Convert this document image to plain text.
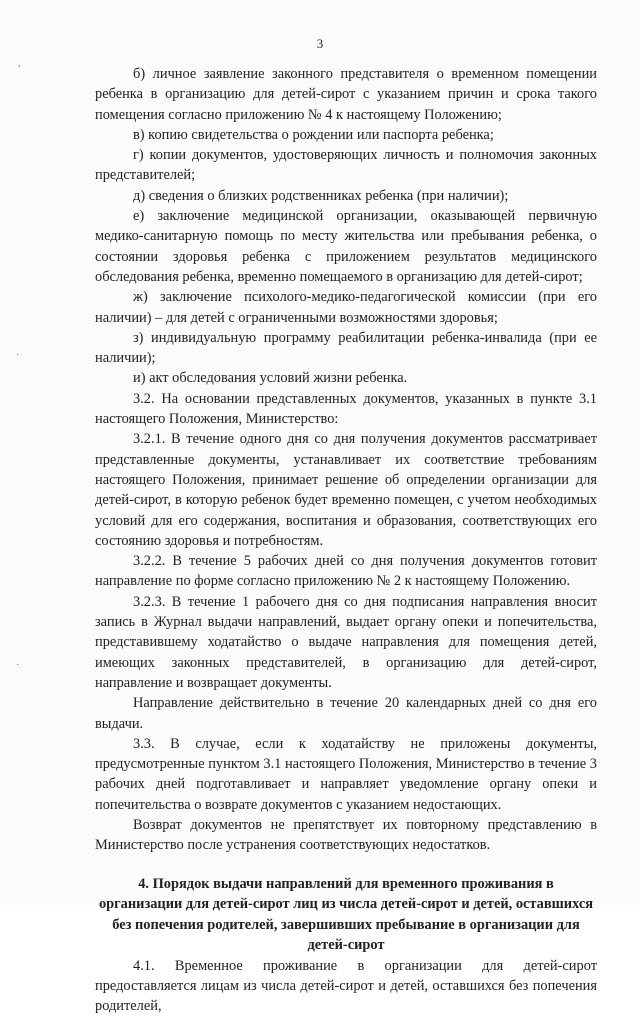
3
,
·
·

б) личное заявление законного представителя о временном помещении ребенка в организацию для детей-сирот с указанием причин и срока такого помещения согласно приложению № 4 к настоящему Положению;

в) копию свидетельства о рождении или паспорта ребенка;

г) копии документов, удостоверяющих личность и полномочия законных представителей;

д) сведения о близких родственниках ребенка (при наличии);

е) заключение медицинской организации, оказывающей первичную медико-санитарную помощь по месту жительства или пребывания ребенка, о состоянии здоровья ребенка с приложением результатов медицинского обследования ребенка, временно помещаемого в организацию для детей-сирот;

ж) заключение психолого-медико-педагогической комиссии (при его наличии) – для детей с ограниченными возможностями здоровья;

з) индивидуальную программу реабилитации ребенка-инвалида (при ее наличии);

и) акт обследования условий жизни ребенка.

3.2. На основании представленных документов, указанных в пункте 3.1 настоящего Положения, Министерство:

3.2.1. В течение одного дня со дня получения документов рассматривает представленные документы, устанавливает их соответствие требованиям настоящего Положения, принимает решение об определении организации для детей-сирот, в которую ребенок будет временно помещен, с учетом необходимых условий для его содержания, воспитания и образования, соответствующих его состоянию здоровья и потребностям.

3.2.2. В течение 5 рабочих дней со дня получения документов готовит направление по форме согласно приложению № 2 к настоящему Положению.

3.2.3. В течение 1 рабочего дня со дня подписания направления вносит запись в Журнал выдачи направлений, выдает органу опеки и попечительства, представившему ходатайство о выдаче направления для помещения детей, имеющих законных представителей, в организацию для детей-сирот, направление и возвращает документы.

Направление действительно в течение 20 календарных дней со дня его выдачи.

3.3. В случае, если к ходатайству не приложены документы, предусмотренные пунктом 3.1 настоящего Положения, Министерство в течение 3 рабочих дней подготавливает и направляет уведомление органу опеки и попечительства о возврате документов с указанием недостающих.

Возврат документов не препятствует их повторному представлению в Министерство после устранения соответствующих недостатков.

4. Порядок выдачи направлений для временного проживания в организации для детей-сирот лиц из числа детей-сирот и детей, оставшихся без попечения родителей, завершивших пребывание в организации для детей-сирот

4.1. Временное проживание в организации для детей-сирот предоставляется лицам из числа детей-сирот и детей, оставшихся без попечения родителей,
